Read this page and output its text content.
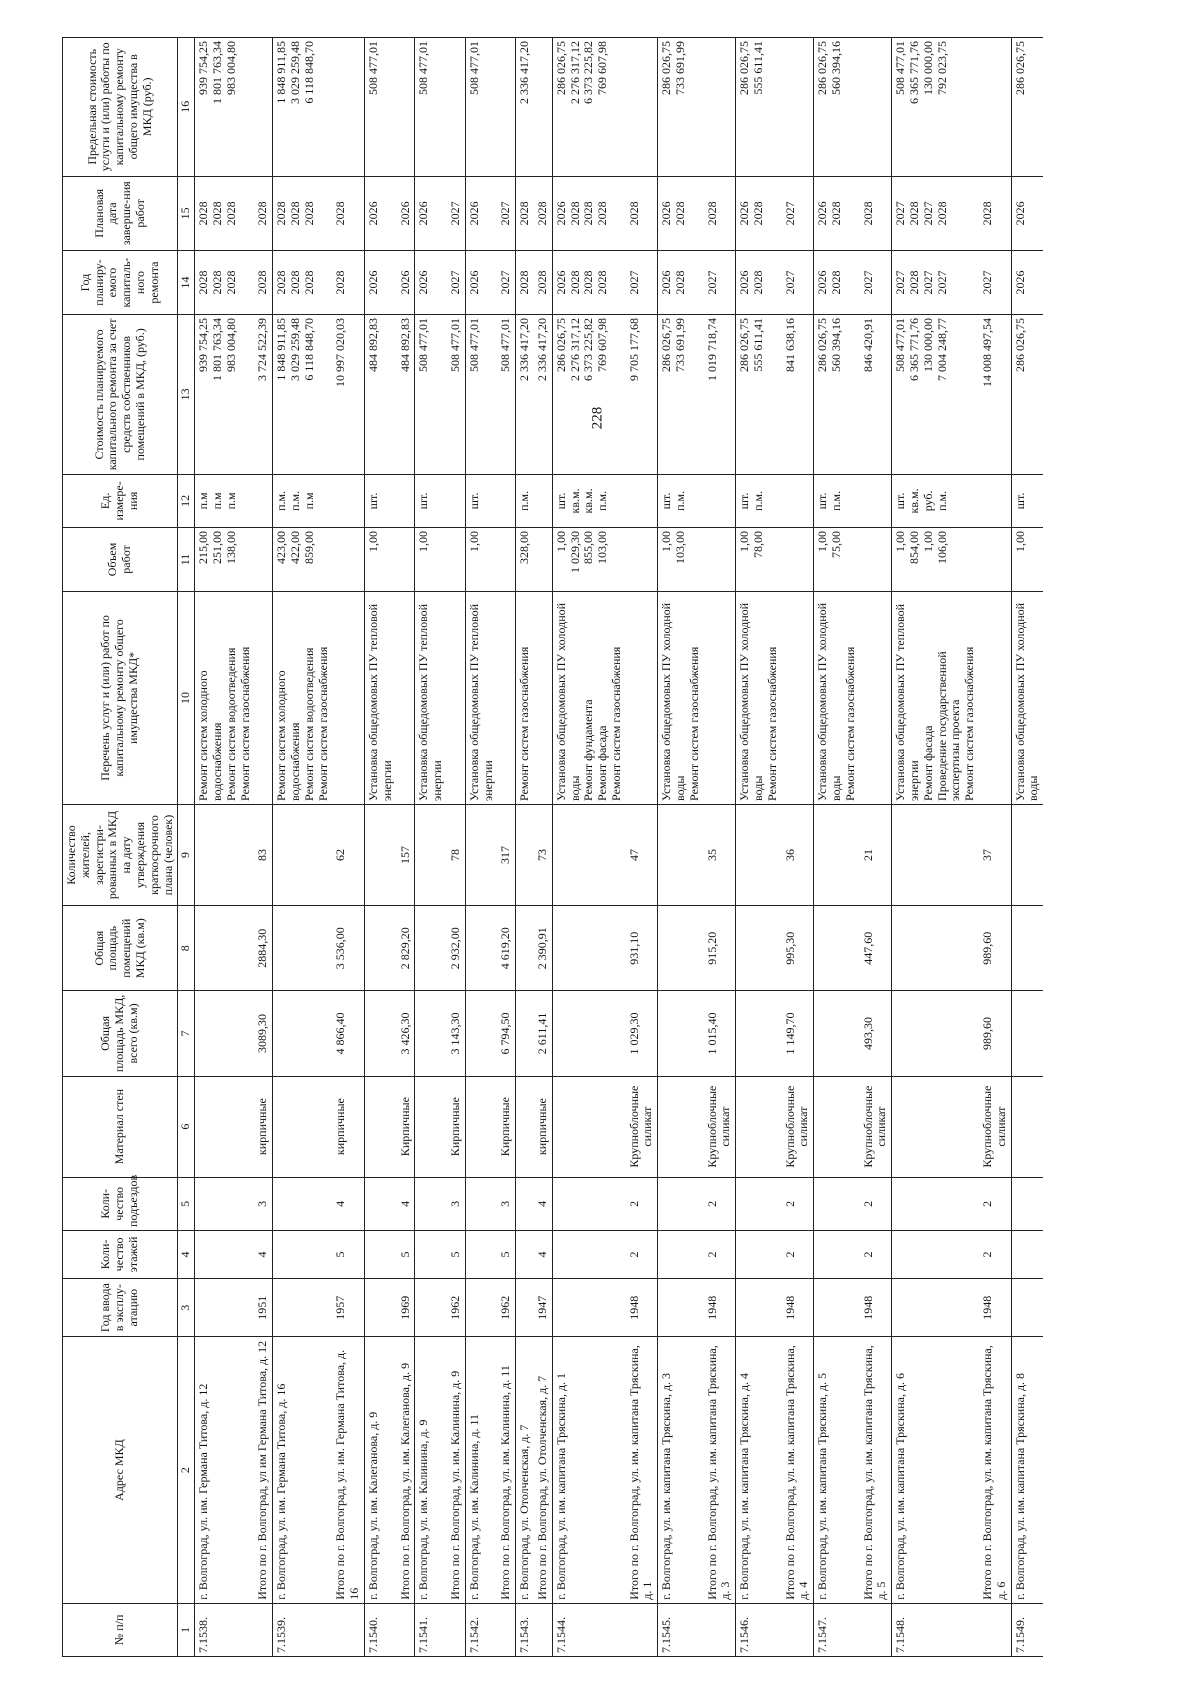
228
№ п/п	Адрес МКД	Год ввода в эксплу-атацию	Коли-чество этажей	Коли-чество подъездов	Материал стен	Общая площадь МКД, всего (кв.м)	Общая площадь помещений МКД (кв.м)	Количество жителей, зарегистри-рованных в МКД на дату утверждения краткосрочного плана (человек)	Перечень услуг и (или) работ по капитальному ремонту общего имущества МКД*	Объем работ	Ед. измере-ния	Стоимость планируемого капитального ремонта за счет средств собственников помещений в МКД, (руб.)	Год планиру-емого капиталь-ного ремонта	Плановая дата заверше-ния работ	Предельная стоимость услуги и (или) работы по капитальному ремонту общего имущества в МКД (руб.)
1	2	3	4	5	6	7	8	9	10	11	12	13	14	15	16
7.1538.	г. Волгоград, ул. им. Германа Титова, д. 12								Ремонт систем холодного водоснабжения Ремонт систем водоотведения Ремонт систем газоснабжения	215,00 251,00 138,00	п.м п.м п.м	939 754,25 1 801 763,34 983 004,80	2028 2028 2028	2028 2028 2028	939 754,25 1 801 763,34 983 004,80

	Итого по г. Волгоград, ул им Германа Титова, д. 12	1951	4	3	кирпичные	3089,30	2884,30	83				3 724 522,39	2028	2028	

7.1539.	г. Волгоград, ул. им. Германа Титова, д. 16								Ремонт систем холодного водоснабжения Ремонт систем водоотведения Ремонт систем газоснабжения	423,00 422,00 859,00	п.м. п.м. п.м	1 848 911,85 3 029 259,48 6 118 848,70	2028 2028 2028	2028 2028 2028	1 848 911,85 3 029 259,48 6 118 848,70

	Итого по г. Волгоград, ул. им. Германа Титова, д. 16	1957	5	4	кирпичные	4 866,40	3 536,00	62				10 997 020,03	2028	2028	

7.1540.	г. Волгоград, ул. им. Калеганова, д. 9								Установка общедомовых ПУ тепловой энергии	1,00	шт.	484 892,83	2026	2026	508 477,01

	Итого по г. Волгоград, ул. им. Калеганова, д. 9	1969	5	4	Кирпичные	3 426,30	2 829,20	157				484 892,83	2026	2026	

7.1541.	г. Волгоград, ул. им. Калинина, д. 9								Установка общедомовых ПУ тепловой энергии	1,00	шт.	508 477,01	2026	2026	508 477,01

	Итого по г. Волгоград, ул. им. Калинина, д. 9	1962	5	3	Кирпичные	3 143,30	2 932,00	78				508 477,01	2027	2027	

7.1542.	г. Волгоград, ул. им. Калинина, д. 11								Установка общедомовых ПУ тепловой энергии	1,00	шт.	508 477,01	2026	2026	508 477,01

	Итого по г. Волгоград, ул. им. Калинина, д. 11	1962	5	3	Кирпичные	6 794,50	4 619,20	317				508 477,01	2027	2027	

7.1543.	г. Волгоград, ул. Отолченская, д. 7								Ремонт систем газоснабжения	328,00	п.м.	2 336 417,20	2028	2028	2 336 417,20

	Итого по г. Волгоград, ул. Отолченская, д. 7	1947	4	4	кирпичные	2 611,41	2 390,91	73				2 336 417,20	2028	2028	

7.1544.	г. Волгоград, ул. им. капитана Тряскина, д. 1								Установка общедомовых ПУ холодной воды Ремонт фундамента Ремонт фасада Ремонт систем газоснабжения	1,00 1 029,30 855,00 103,00	шт. кв.м. кв.м. п.м.	286 026,75 2 276 317,12 6 373 225,82 769 607,98	2026 2028 2028 2028	2026 2028 2028 2028	286 026,75 2 276 317,12 6 373 225,82 769 607,98

	Итого по г. Волгоград, ул. им. капитана Тряскина, д. 1	1948	2	2	Крупноблочные силикат	1 029,30	931,10	47				9 705 177,68	2027	2028	

7.1545.	г. Волгоград, ул. им. капитана Тряскина, д. 3								Установка общедомовых ПУ холодной воды Ремонт систем газоснабжения	1,00 103,00	шт. п.м.	286 026,75 733 691,99	2026 2028	2026 2028	286 026,75 733 691,99

	Итого по г. Волгоград, ул. им. капитана Тряскина, д. 3	1948	2	2	Крупноблочные силикат	1 015,40	915,20	35				1 019 718,74	2027	2028	

7.1546.	г. Волгоград, ул. им. капитана Тряскина, д. 4								Установка общедомовых ПУ холодной воды Ремонт систем газоснабжения	1,00 78,00	шт. п.м.	286 026,75 555 611,41	2026 2028	2026 2028	286 026,75 555 611,41

	Итого по г. Волгоград, ул. им. капитана Тряскина, д. 4	1948	2	2	Крупноблочные силикат	1 149,70	995,30	36				841 638,16	2027	2027	

7.1547.	г. Волгоград, ул. им. капитана Тряскина, д. 5								Установка общедомовых ПУ холодной воды Ремонт систем газоснабжения	1,00 75,00	шт. п.м.	286 026,75 560 394,16	2026 2028	2026 2028	286 026,75 560 394,16

	Итого по г. Волгоград, ул. им. капитана Тряскина, д. 5	1948	2	2	Крупноблочные силикат	493,30	447,60	21				846 420,91	2027	2028	

7.1548.	г. Волгоград, ул. им. капитана Тряскина, д. 6								Установка общедомовых ПУ тепловой энергии Ремонт фасада Проведение государственной экспертизы проекта Ремонт систем газоснабжения	1,00 854,00 1,00 106,00	шт. кв.м. руб. п.м.	508 477,01 6 365 771,76 130 000,00 7 004 248,77	2027 2028 2027 2027	2027 2028 2027 2028	508 477,01 6 365 771,76 130 000,00 792 023,75

	Итого по г. Волгоград, ул. им. капитана Тряскина, д. 6	1948	2	2	Крупноблочные силикат	989,60	989,60	37				14 008 497,54	2027	2028	

7.1549.	г. Волгоград, ул. им. капитана Тряскина, д. 8								Установка общедомовых ПУ холодной воды	1,00	шт.	286 026,75	2026	2026	286 026,75
